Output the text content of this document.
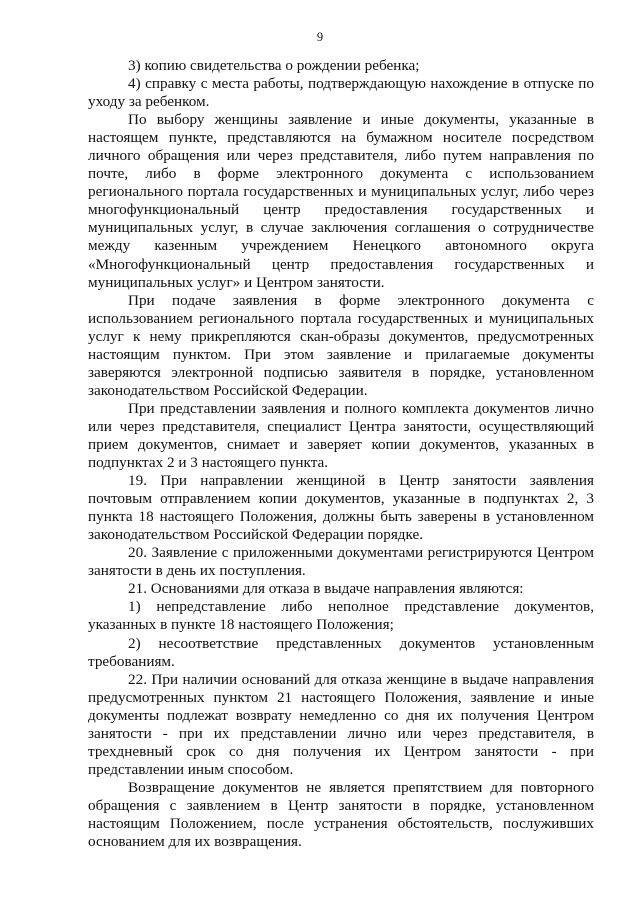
9

3) копию свидетельства о рождении ребенка;

4) справку с места работы, подтверждающую нахождение в отпуске по уходу за ребенком.

По выбору женщины заявление и иные документы, указанные в настоящем пункте, представляются на бумажном носителе посредством личного обращения или через представителя, либо путем направления по почте, либо в форме электронного документа с использованием регионального портала государственных и муниципальных услуг, либо через многофункциональный центр предоставления государственных и муниципальных услуг, в случае заключения соглашения о сотрудничестве между казенным учреждением Ненецкого автономного округа «Многофункциональный центр предоставления государственных и муниципальных услуг» и Центром занятости.

При подаче заявления в форме электронного документа с использованием регионального портала государственных и муниципальных услуг к нему прикрепляются скан-образы документов, предусмотренных настоящим пунктом. При этом заявление и прилагаемые документы заверяются электронной подписью заявителя в порядке, установленном законодательством Российской Федерации.

При представлении заявления и полного комплекта документов лично или через представителя, специалист Центра занятости, осуществляющий прием документов, снимает и заверяет копии документов, указанных в подпунктах 2 и 3 настоящего пункта.

19. При направлении женщиной в Центр занятости заявления почтовым отправлением копии документов, указанные в подпунктах 2, 3 пункта 18 настоящего Положения, должны быть заверены в установленном законодательством Российской Федерации порядке.

20. Заявление с приложенными документами регистрируются Центром занятости в день их поступления.

21. Основаниями для отказа в выдаче направления являются:

1) непредставление либо неполное представление документов, указанных в пункте 18 настоящего Положения;

2) несоответствие представленных документов установленным требованиям.

22. При наличии оснований для отказа женщине в выдаче направления предусмотренных пунктом 21 настоящего Положения, заявление и иные документы подлежат возврату немедленно со дня их получения Центром занятости - при их представлении лично или через представителя, в трехдневный срок со дня получения их Центром занятости - при представлении иным способом.

Возвращение документов не является препятствием для повторного обращения с заявлением в Центр занятости в порядке, установленном настоящим Положением, после устранения обстоятельств, послуживших основанием для их возвращения.
